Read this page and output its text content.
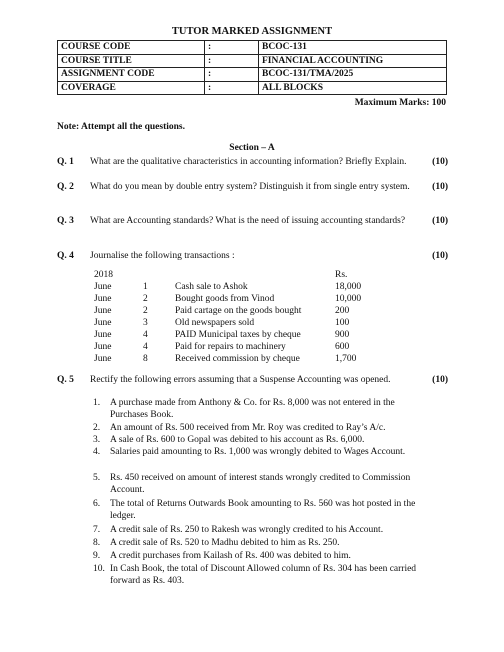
TUTOR MARKED ASSIGNMENT
COURSE CODE	:	BCOC-131
COURSE TITLE	:	FINANCIAL ACCOUNTING
ASSIGNMENT CODE	:	BCOC-131/TMA/2025
COVERAGE	:	ALL BLOCKS
Maximum Marks: 100
Note: Attempt all the questions.
Section – A
Q. 1 What are the qualitative characteristics in accounting information? Briefly Explain.	(10)
Q. 2 What do you mean by double entry system? Distinguish it from single entry system.	(10)
Q. 3 What are Accounting standards? What is the need of issuing accounting standards?	(10)
Q. 4 Journalise the following transactions :	(10)
2018	Rs.
June	1	Cash sale to Ashok	18,000
June	2	Bought goods from Vinod	10,000
June	2	Paid cartage on the goods bought	200
June	3	Old newspapers sold	100
June	4	PAID Municipal taxes by cheque	900
June	4	Paid for repairs to machinery	600
June	8	Received commission by cheque	1,700
Q. 5 Rectify the following errors assuming that a Suspense Accounting was opened.	(10)
1. A purchase made from Anthony & Co. for Rs. 8,000 was not entered in the Purchases Book.
2. An amount of Rs. 500 received from Mr. Roy was credited to Ray’s A/c.
3. A sale of Rs. 600 to Gopal was debited to his account as Rs. 6,000.
4. Salaries paid amounting to Rs. 1,000 was wrongly debited to Wages Account.
5. Rs. 450 received on amount of interest stands wrongly credited to Commission Account.
6. The total of Returns Outwards Book amounting to Rs. 560 was hot posted in the ledger.
7. A credit sale of Rs. 250 to Rakesh was wrongly credited to his Account.
8. A credit sale of Rs. 520 to Madhu debited to him as Rs. 250.
9. A credit purchases from Kailash of Rs. 400 was debited to him.
10. In Cash Book, the total of Discount Allowed column of Rs. 304 has been carried forward as Rs. 403.
